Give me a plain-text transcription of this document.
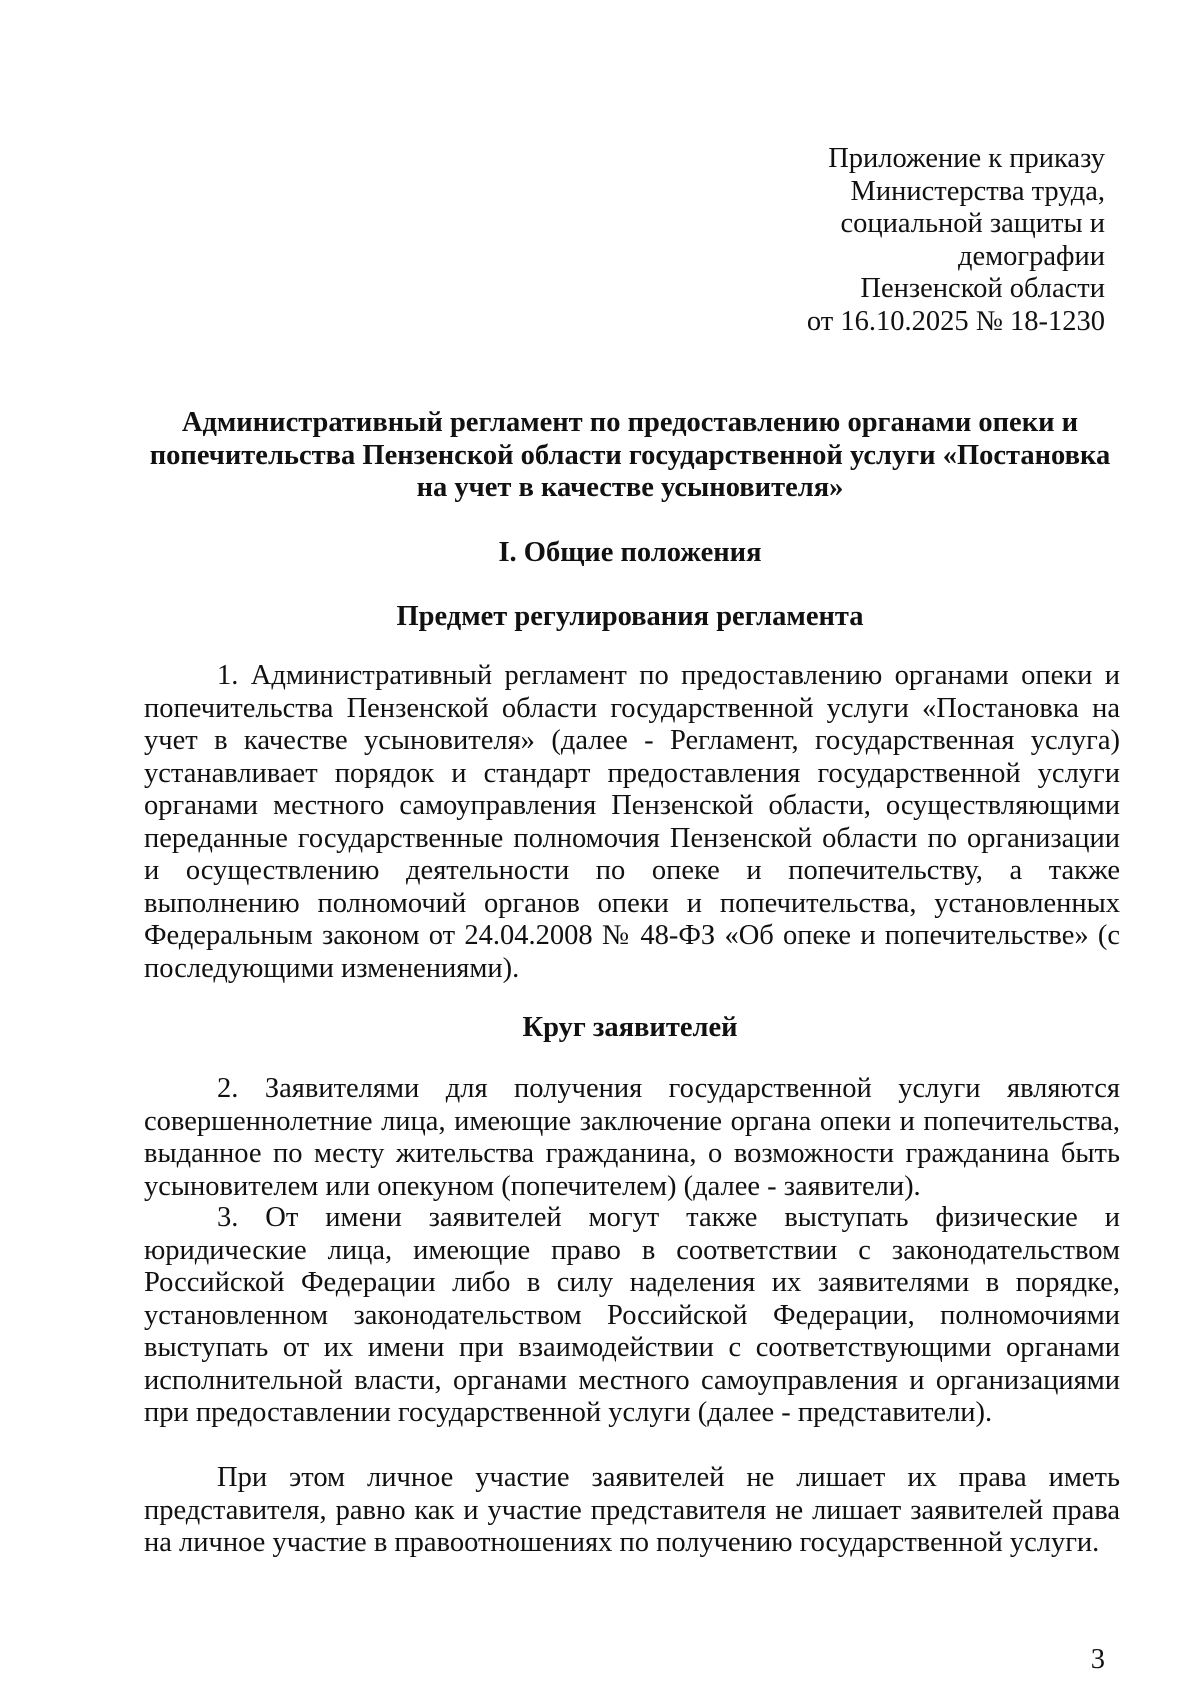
Приложение к приказу
Министерства труда,
социальной защиты и
демографии
Пензенской области
от 16.10.2025 № 18-1230
Административный регламент по предоставлению органами опеки и
попечительства Пензенской области государственной услуги «Постановка
на учет в качестве усыновителя»
I. Общие положения
Предмет регулирования регламента
1. Административный регламент по предоставлению органами опеки и
попечительства Пензенской области государственной услуги «Постановка на
учет в качестве усыновителя» (далее - Регламент, государственная услуга)
устанавливает порядок и стандарт предоставления государственной услуги
органами местного самоуправления Пензенской области, осуществляющими
переданные государственные полномочия Пензенской области по организации
и осуществлению деятельности по опеке и попечительству, а также
выполнению полномочий органов опеки и попечительства, установленных
Федеральным законом от 24.04.2008 № 48-ФЗ «Об опеке и попечительстве» (с
последующими изменениями).
Круг заявителей
2. Заявителями для получения государственной услуги являются
совершеннолетние лица, имеющие заключение органа опеки и попечительства,
выданное по месту жительства гражданина, о возможности гражданина быть
усыновителем или опекуном (попечителем) (далее - заявители).
3. От имени заявителей могут также выступать физические и
юридические лица, имеющие право в соответствии с законодательством
Российской Федерации либо в силу наделения их заявителями в порядке,
установленном законодательством Российской Федерации, полномочиями
выступать от их имени при взаимодействии с соответствующими органами
исполнительной власти, органами местного самоуправления и организациями
при предоставлении государственной услуги (далее - представители).
При этом личное участие заявителей не лишает их права иметь
представителя, равно как и участие представителя не лишает заявителей права
на личное участие в правоотношениях по получению государственной услуги.
3
